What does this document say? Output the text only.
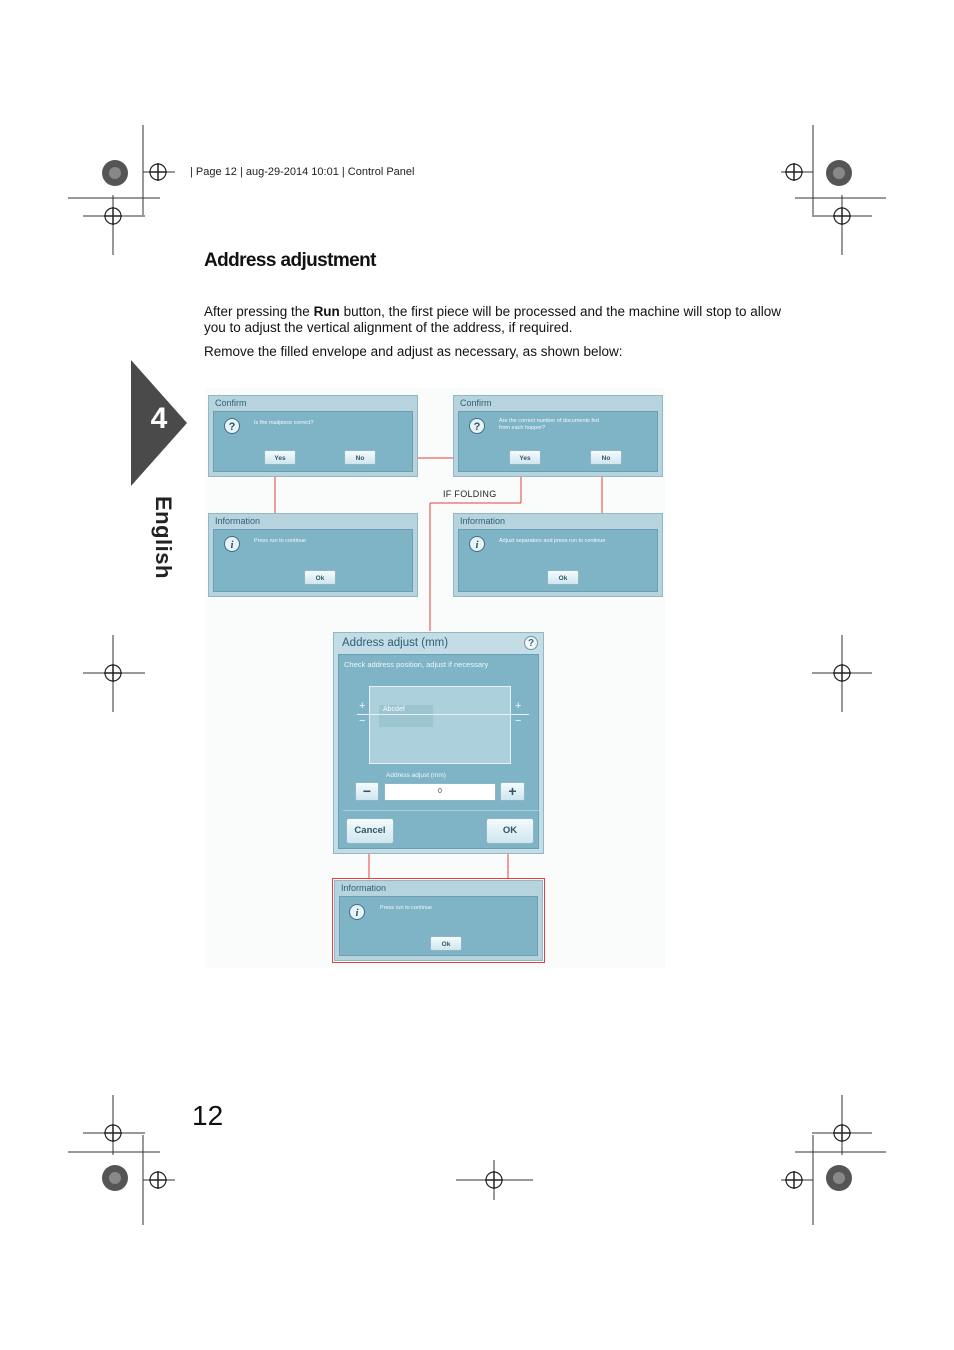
| Page 12 | aug-29-2014 10:01 | Control Panel
4
English
Address adjustment
After pressing the Run button, the first piece will be processed and the machine will stop to allow you to adjust the vertical alignment of the address, if required.
Remove the filled envelope and adjust as necessary, as shown below:
IF FOLDING
Confirm
?	Is the mailpiece correct?
Yes	No
Confirm
?	Are the correct number of documents fed from each hopper?
Yes	No
Information
i	Press run to continue
Ok
Information
i	Adjust separators and press run to continue
Ok
Address adjust (mm)	?
Check address position, adjust if necessary
Abcdef
+
−
+
−
Address adjust (mm)
−	0	+
Cancel	OK
Information
i	Press run to continue
Ok
12
